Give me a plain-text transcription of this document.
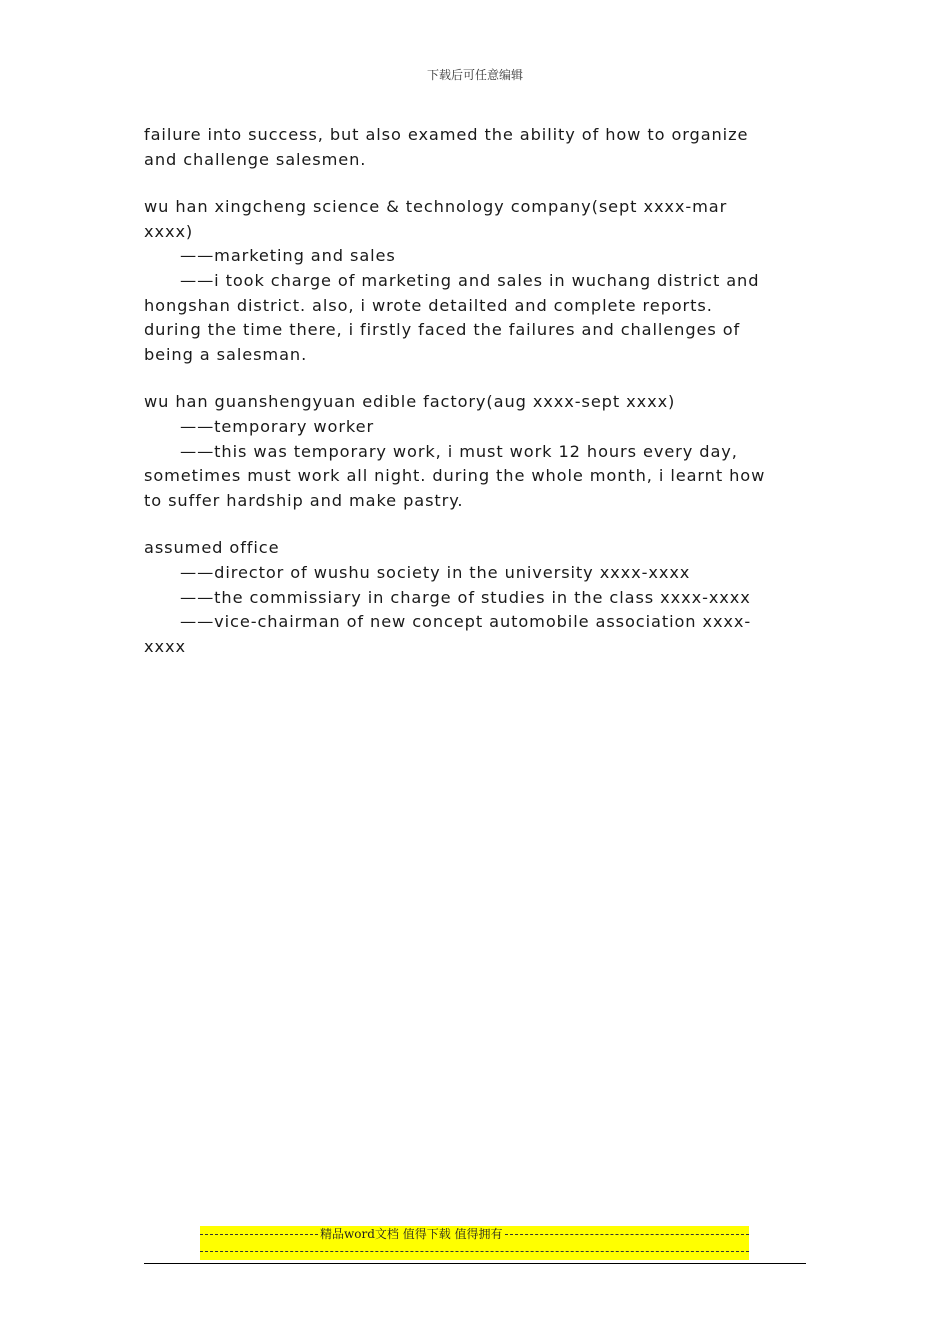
下载后可任意编辑
failure into success, but also examed the ability of how to organize
and challenge salesmen.
wu han xingcheng science & technology company(sept xxxx-mar
xxxx)
——marketing and sales
——i took charge of marketing and sales in wuchang district and
hongshan district. also, i wrote detailted and complete reports.
during the time there, i firstly faced the failures and challenges of
being a salesman.
wu han guanshengyuan edible factory(aug xxxx-sept xxxx)
——temporary worker
——this was temporary work, i must work 12 hours every day,
sometimes must work all night. during the whole month, i learnt how
to suffer hardship and make pastry.
assumed office
——director of wushu society in the university xxxx-xxxx
——the commissiary in charge of studies in the class xxxx-xxxx
——vice-chairman of new concept automobile association xxxx-
xxxx
精品word文档 值得下载 值得拥有
